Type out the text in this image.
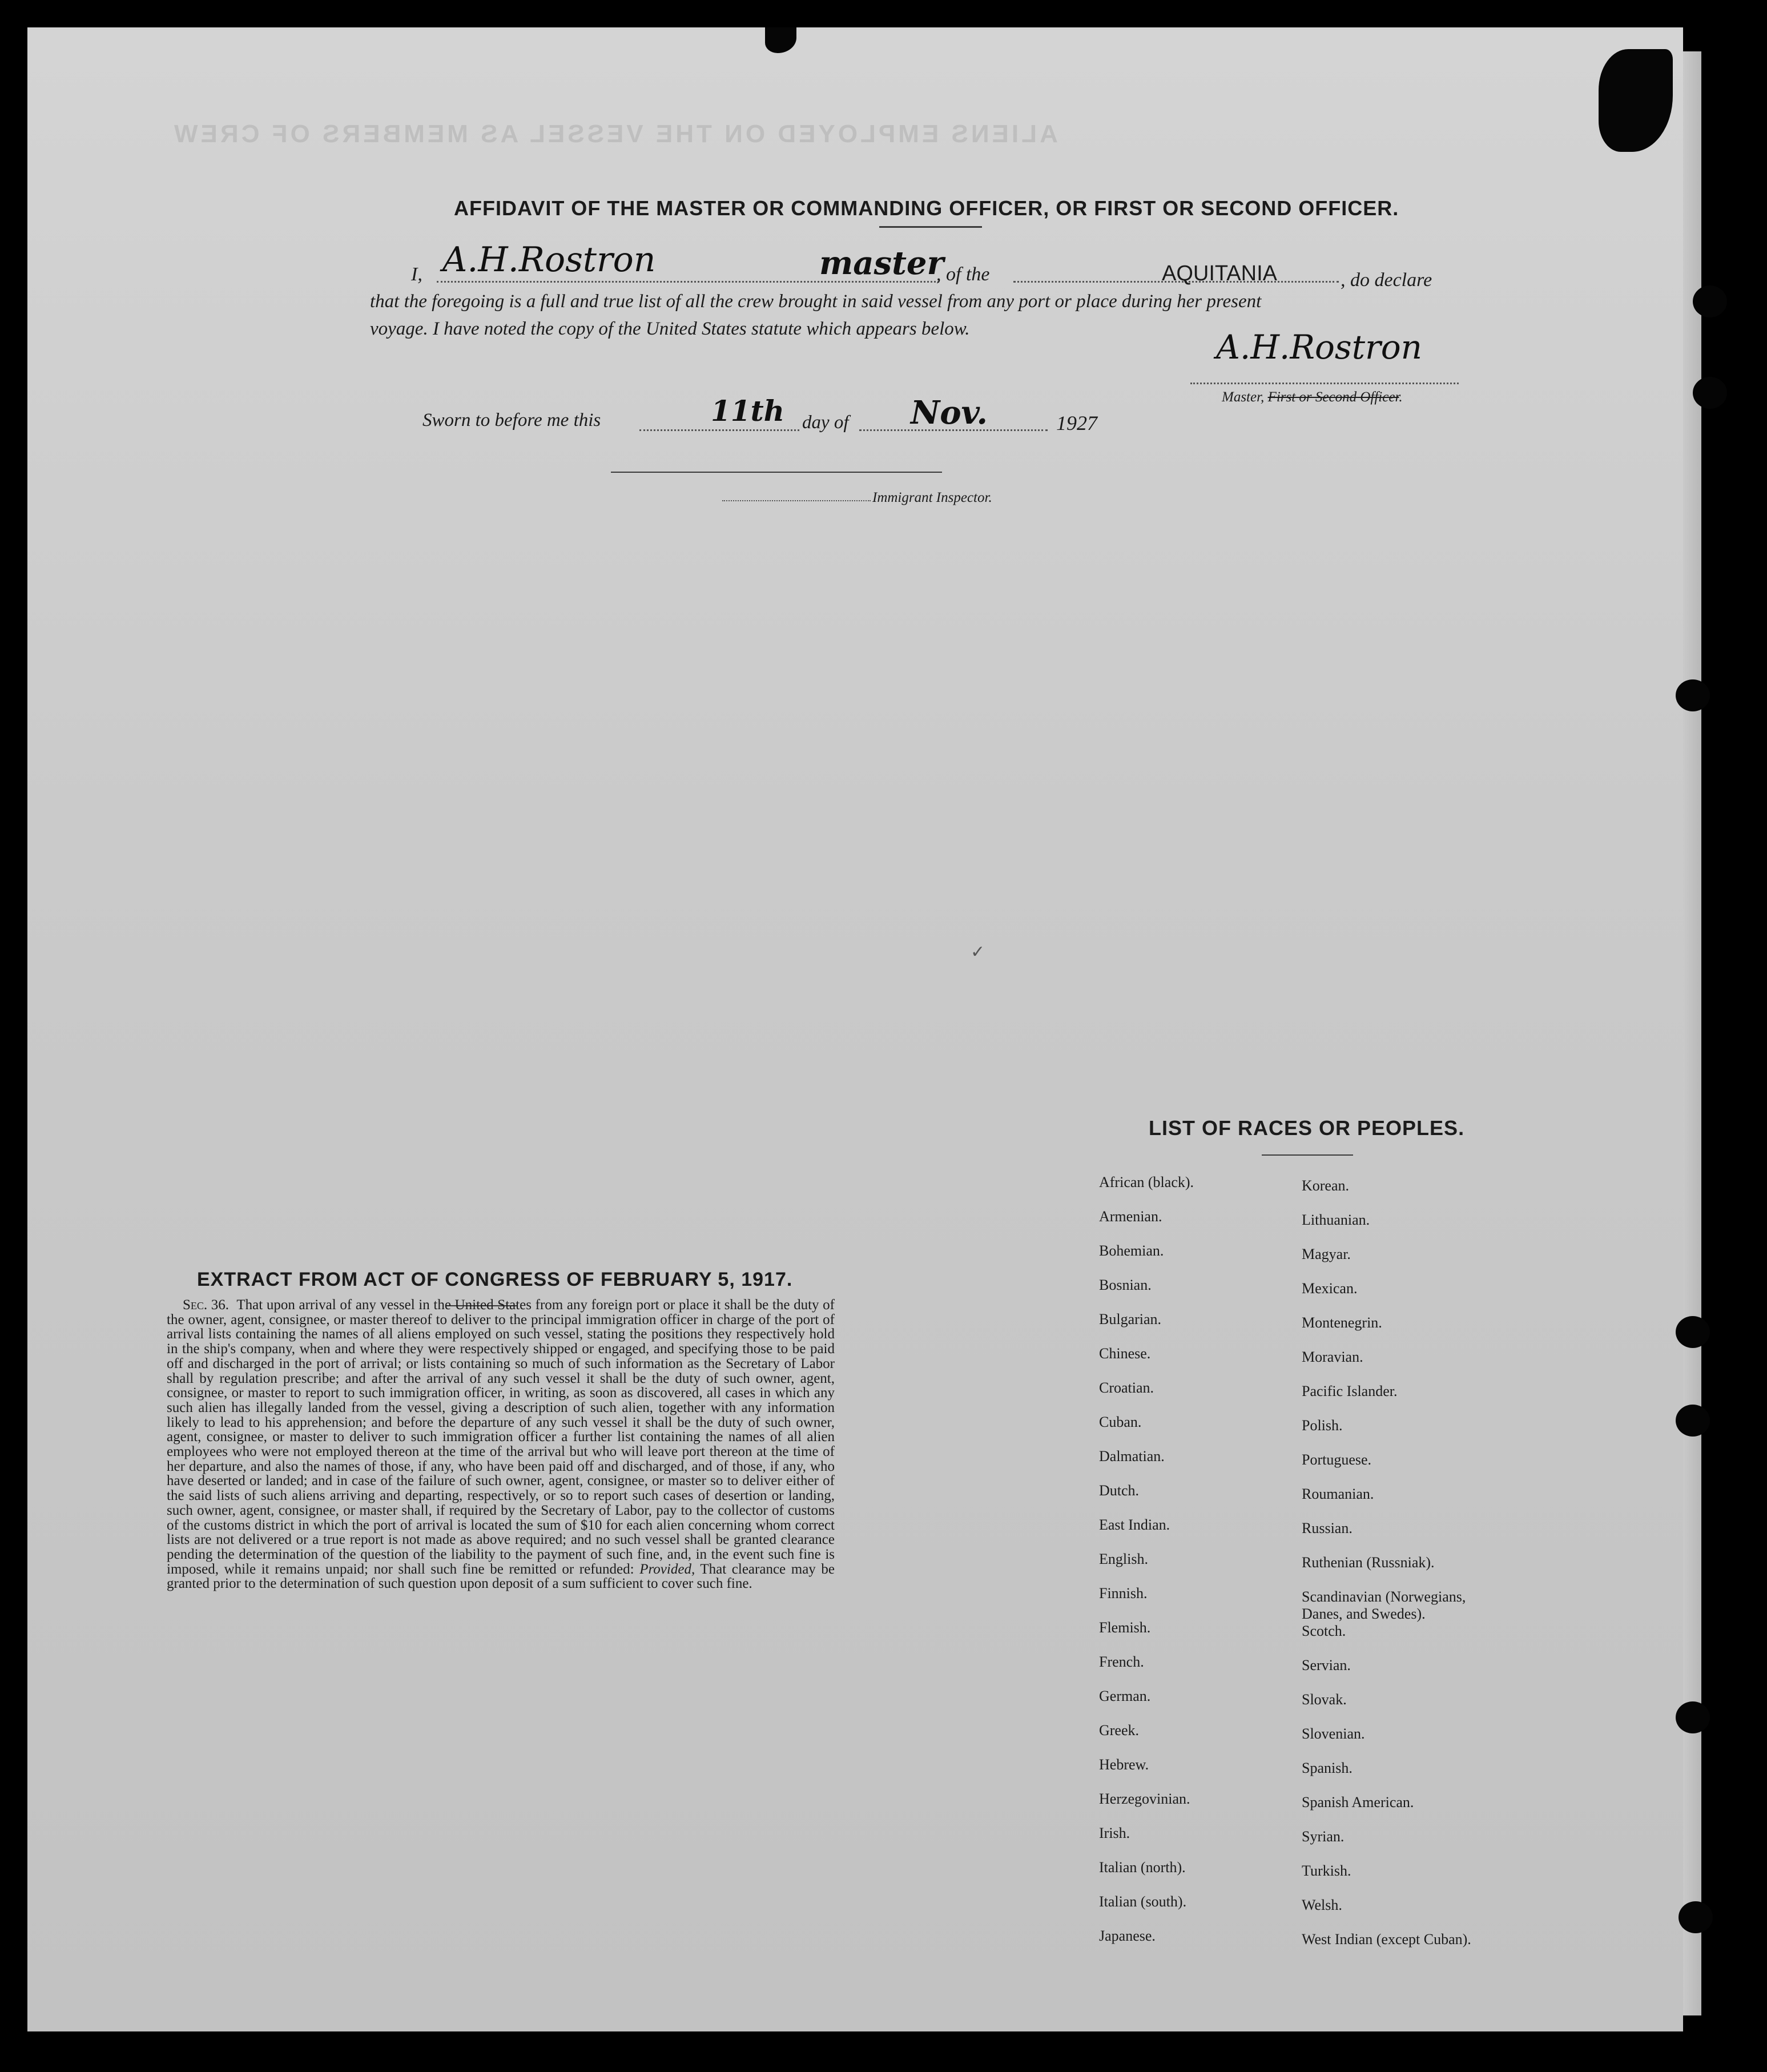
ALIENS EMPLOYED ON THE VESSEL AS MEMBERS OF CREW
AFFIDAVIT OF THE MASTER OR COMMANDING OFFICER, OR FIRST OR SECOND OFFICER.
I, A.H.Rostron	master
, of the	AQUITANIA	, do declare
that the foregoing is a full and true list of all the crew brought in said vessel from any port or place during her present
voyage. I have noted the copy of the United States statute which appears below.	A.H.Rostron
Master, First or Second Officer.
Sworn to before me this	11th day of Nov.	1927
Immigrant Inspector.
✓
EXTRACT FROM ACT OF CONGRESS OF FEBRUARY 5, 1917.

Sec. 36. That upon arrival of any vessel in the United States from any foreign port or place it shall be the duty of the owner, agent, consignee, or master thereof to deliver to the principal immigration officer in charge of the port of arrival lists containing the names of all aliens employed on such vessel, stating the positions they respectively hold in the ship's company, when and where they were respectively shipped or engaged, and specifying those to be paid off and discharged in the port of arrival; or lists containing so much of such information as the Secretary of Labor shall by regulation prescribe; and after the arrival of any such vessel it shall be the duty of such owner, agent, consignee, or master to report to such immigration officer, in writing, as soon as discovered, all cases in which any such alien has illegally landed from the vessel, giving a description of such alien, together with any information likely to lead to his apprehension; and before the departure of any such vessel it shall be the duty of such owner, agent, consignee, or master to deliver to such immigration officer a further list containing the names of all alien employees who were not employed thereon at the time of the arrival but who will leave port thereon at the time of her departure, and also the names of those, if any, who have been paid off and discharged, and of those, if any, who have deserted or landed; and in case of the failure of such owner, agent, consignee, or master so to deliver either of the said lists of such aliens arriving and departing, respectively, or so to report such cases of desertion or landing, such owner, agent, consignee, or master shall, if required by the Secretary of Labor, pay to the collector of customs of the customs district in which the port of arrival is located the sum of $10 for each alien concerning whom correct lists are not delivered or a true report is not made as above required; and no such vessel shall be granted clearance pending the determination of the question of the liability to the payment of such fine, and, in the event such fine is imposed, while it remains unpaid; nor shall such fine be remitted or refunded: Provided, That clearance may be granted prior to the determination of such question upon deposit of a sum sufficient to cover such fine.

LIST OF RACES OR PEOPLES.
African (black).
Armenian.
Bohemian.
Bosnian.
Bulgarian.
Chinese.
Croatian.
Cuban.
Dalmatian.
Dutch.
East Indian.
English.
Finnish.
Flemish.
French.
German.
Greek.
Hebrew.
Herzegovinian.
Irish.
Italian (north).
Italian (south).
Japanese.
Korean.
Lithuanian.
Magyar.
Mexican.
Montenegrin.
Moravian.
Pacific Islander.
Polish.
Portuguese.
Roumanian.
Russian.
Ruthenian (Russniak).
Scandinavian (Norwegians,
Danes, and Swedes).
Scotch.
Servian.
Slovak.
Slovenian.
Spanish.
Spanish American.
Syrian.
Turkish.
Welsh.
West Indian (except Cuban).
